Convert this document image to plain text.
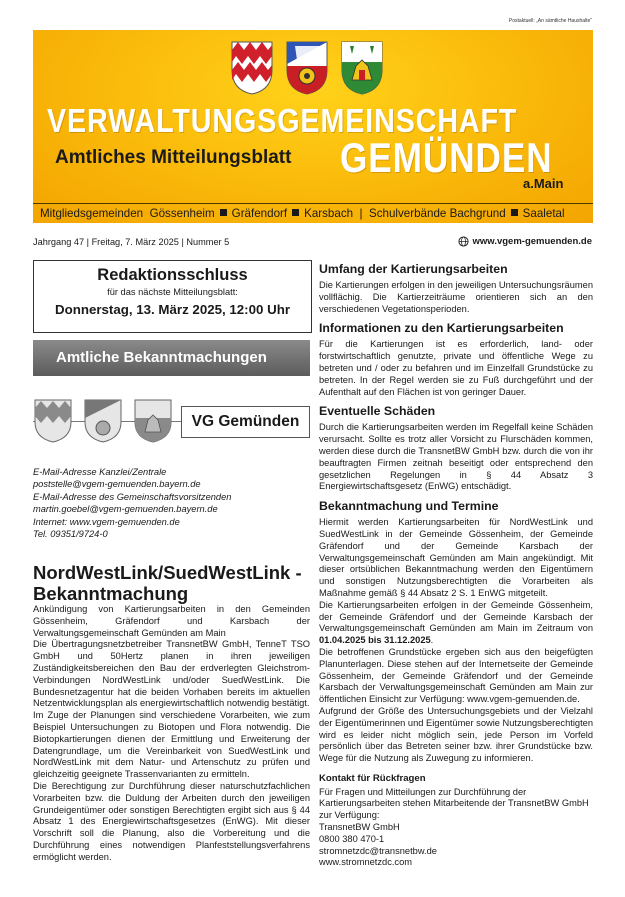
Postaktuell: „An sämtliche Haushalte“
VERWALTUNGSGEMEINSCHAFT
Amtliches Mitteilungsblatt GEMÜNDEN
a.Main
Mitgliedsgemeinden Gössenheim Gräfendorf Karsbach | Schulverbände Bachgrund Saaletal
Jahrgang 47 | Freitag, 7. März 2025 | Nummer 5	www.vgem-gemuenden.de
Redaktionsschluss
für das nächste Mitteilungsblatt:
Donnerstag, 13. März 2025, 12:00 Uhr
Amtliche Bekanntmachungen
VG Gemünden
E-Mail-Adresse Kanzlei/Zentrale
poststelle@vgem-gemuenden.bayern.de
E-Mail-Adresse des Gemeinschaftsvorsitzenden
martin.goebel@vgem-gemuenden.bayern.de
Internet: www.vgem-gemuenden.de
Tel. 09351/9724-0
NordWestLink/SuedWestLink - Bekanntmachung

Ankündigung von Kartierungsarbeiten in den Gemeinden Gössenheim, Gräfendorf und Karsbach der Verwaltungsgemeinschaft Gemünden am Main

Die Übertragungsnetzbetreiber TransnetBW GmbH, TenneT TSO GmbH und 50Hertz planen in ihren jeweiligen Zuständigkeitsbereichen den Bau der erdverlegten Gleichstrom-Verbindungen NordWestLink und/oder SuedWestLink. Die Bundesnetzagentur hat die beiden Vorhaben bereits im aktuellen Netzentwicklungsplan als energiewirtschaftlich notwendig bestätigt.

Im Zuge der Planungen sind verschiedene Vorarbeiten, wie zum Beispiel Untersuchungen zu Biotopen und Flora notwendig. Die Biotopkartierungen dienen der Ermittlung und Erweiterung der Datengrundlage, um die Vereinbarkeit von SuedWestLink und NordWestLink mit dem Natur- und Artenschutz zu prüfen und gleichzeitig geeignete Trassenvarianten zu ermitteln.

Die Berechtigung zur Durchführung dieser naturschutzfachlichen Vorarbeiten bzw. die Duldung der Arbeiten durch den jeweiligen Grundeigentümer oder sonstigen Berechtigten ergibt sich aus § 44 Absatz 1 des Energiewirtschaftsgesetzes (EnWG). Mit dieser Vorschrift soll die Planung, also die Vorbereitung und die Durchführung eines notwendigen Planfeststellungsverfahrens ermöglicht werden.

Umfang der Kartierungsarbeiten

Die Kartierungen erfolgen in den jeweiligen Untersuchungsräumen vollflächig. Die Kartierzeiträume orientieren sich an den verschiedenen Vegetationsperioden.

Informationen zu den Kartierungsarbeiten

Für die Kartierungen ist es erforderlich, land- oder forstwirtschaftlich genutzte, private und öffentliche Wege zu betreten und / oder zu befahren und im Einzelfall Grundstücke zu betreten. In der Regel werden sie zu Fuß durchgeführt und der Aufenthalt auf den Flächen ist von geringer Dauer.

Eventuelle Schäden

Durch die Kartierungsarbeiten werden im Regelfall keine Schäden verursacht. Sollte es trotz aller Vorsicht zu Flurschäden kommen, werden diese durch die TransnetBW GmbH bzw. durch die von ihr beauftragten Firmen zeitnah beseitigt oder entsprechend den gesetzlichen Regelungen in § 44 Absatz 3 Energiewirtschaftsgesetz (EnWG) entschädigt.

Bekanntmachung und Termine

Hiermit werden Kartierungsarbeiten für NordWestLink und SuedWestLink in der Gemeinde Gössenheim, der Gemeinde Gräfendorf und der Gemeinde Karsbach der Verwaltungsgemeinschaft Gemünden am Main angekündigt. Mit dieser ortsüblichen Bekanntmachung werden den Eigentümern und sonstigen Nutzungsberechtigten die Vorarbeiten als Maßnahme gemäß § 44 Absatz 2 S. 1 EnWG mitgeteilt.

Die Kartierungsarbeiten erfolgen in der Gemeinde Gössenheim, der Gemeinde Gräfendorf und der Gemeinde Karsbach der Verwaltungsgemeinschaft Gemünden am Main im Zeitraum von 01.04.2025 bis 31.12.2025.

Die betroffenen Grundstücke ergeben sich aus den beigefügten Planunterlagen. Diese stehen auf der Internetseite der Gemeinde Gössenheim, der Gemeinde Gräfendorf und der Gemeinde Karsbach der Verwaltungsgemeinschaft Gemünden am Main zur öffentlichen Einsicht zur Verfügung: www.vgem-gemuenden.de.

Aufgrund der Größe des Untersuchungsgebiets und der Vielzahl der Eigentümerinnen und Eigentümer sowie Nutzungsberechtigten wird es leider nicht möglich sein, jede Person im Vorfeld persönlich über das Betreten seiner bzw. ihrer Grundstücke bzw. Wege für die Nutzung als Zuwegung zu informieren.

Kontakt für Rückfragen

Für Fragen und Mitteilungen zur Durchführung der Kartierungsarbeiten stehen Mitarbeitende der TransnetBW GmbH zur Verfügung:

TransnetBW GmbH
0800 380 470-1
stromnetzdc@transnetbw.de
www.stromnetzdc.com
